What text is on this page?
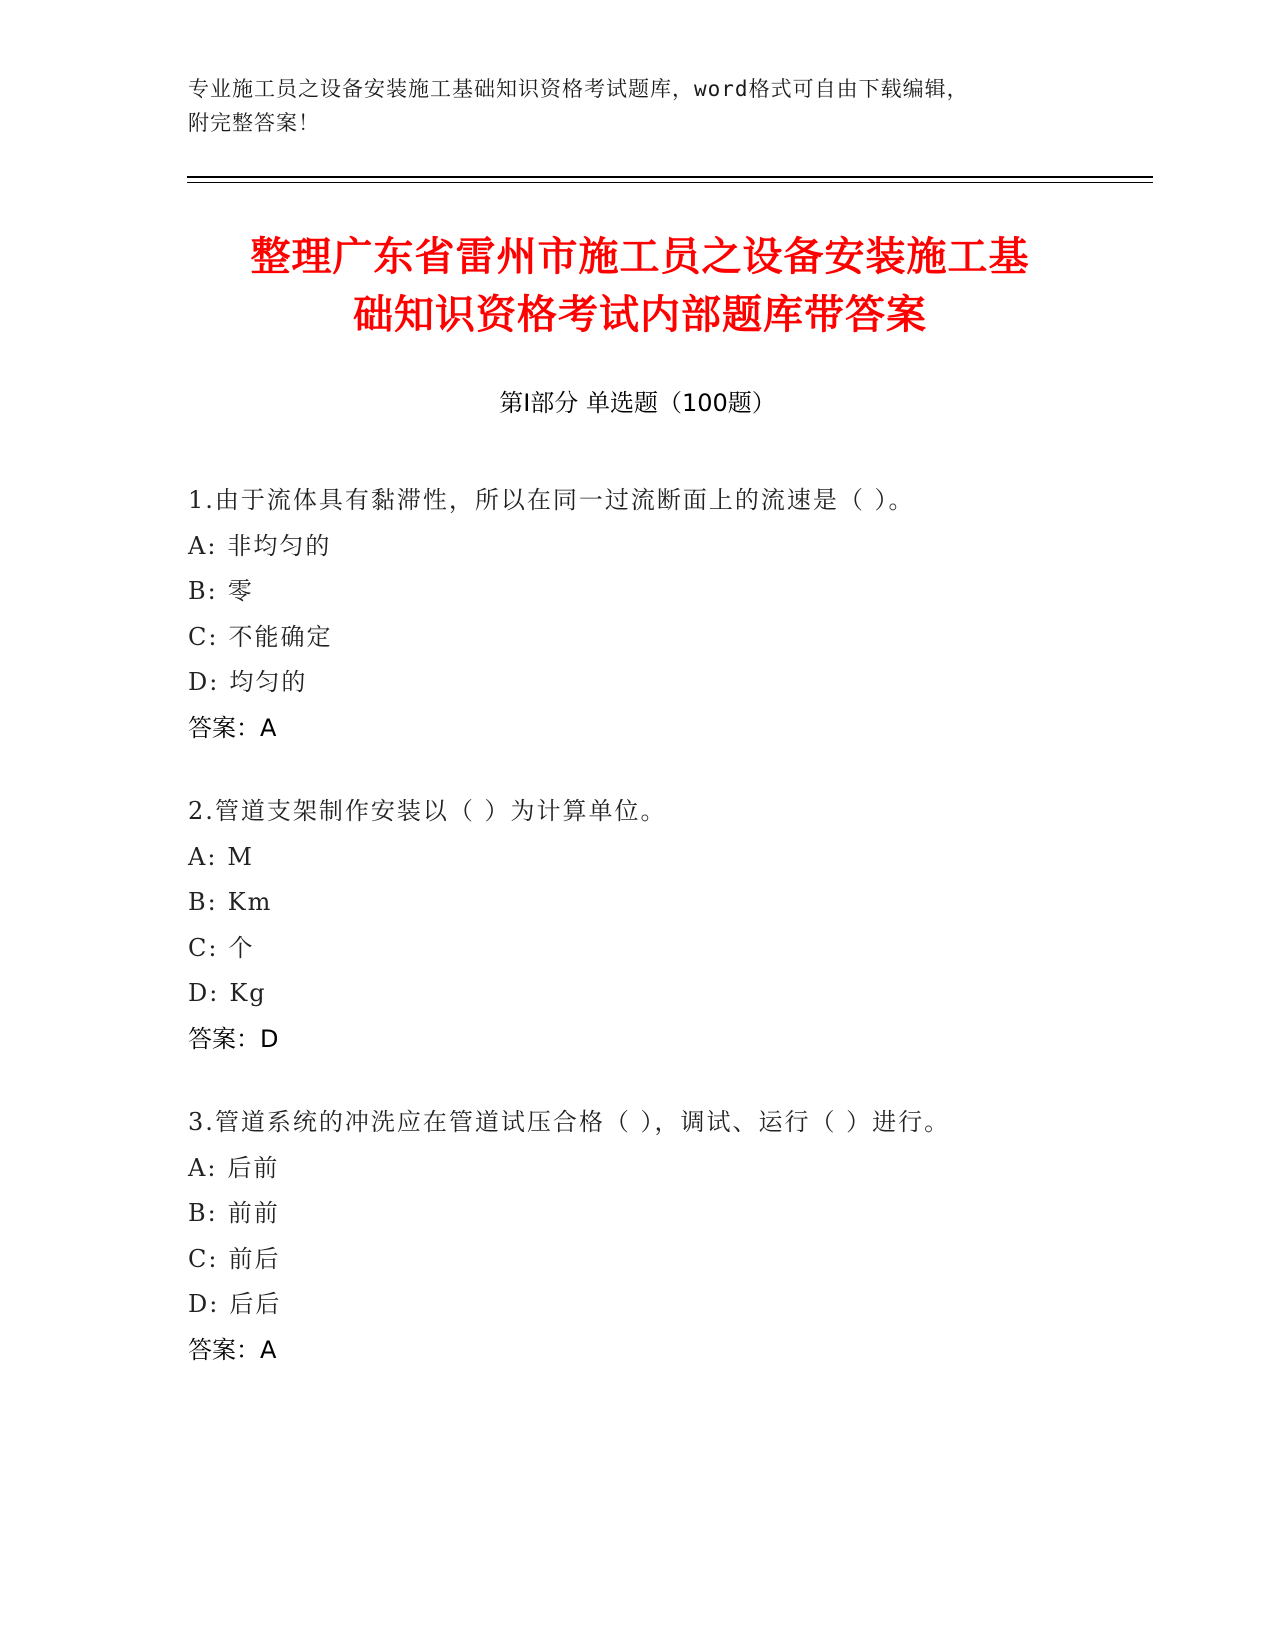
专业施工员之设备安装施工基础知识资格考试题库，word格式可自由下载编辑，
附完整答案！
整理广东省雷州市施工员之设备安装施工基
础知识资格考试内部题库带答案
第Ⅰ部分 单选题（100题）
1.由于流体具有黏滞性，所以在同一过流断面上的流速是（ ）。
A: 非均匀的
B: 零
C: 不能确定
D: 均匀的
答案：A
2.管道支架制作安装以（ ）为计算单位。
A: M
B: Km
C: 个
D: Kg
答案：D
3.管道系统的冲洗应在管道试压合格（ ），调试、运行（ ）进行。
A: 后前
B: 前前
C: 前后
D: 后后
答案：A
